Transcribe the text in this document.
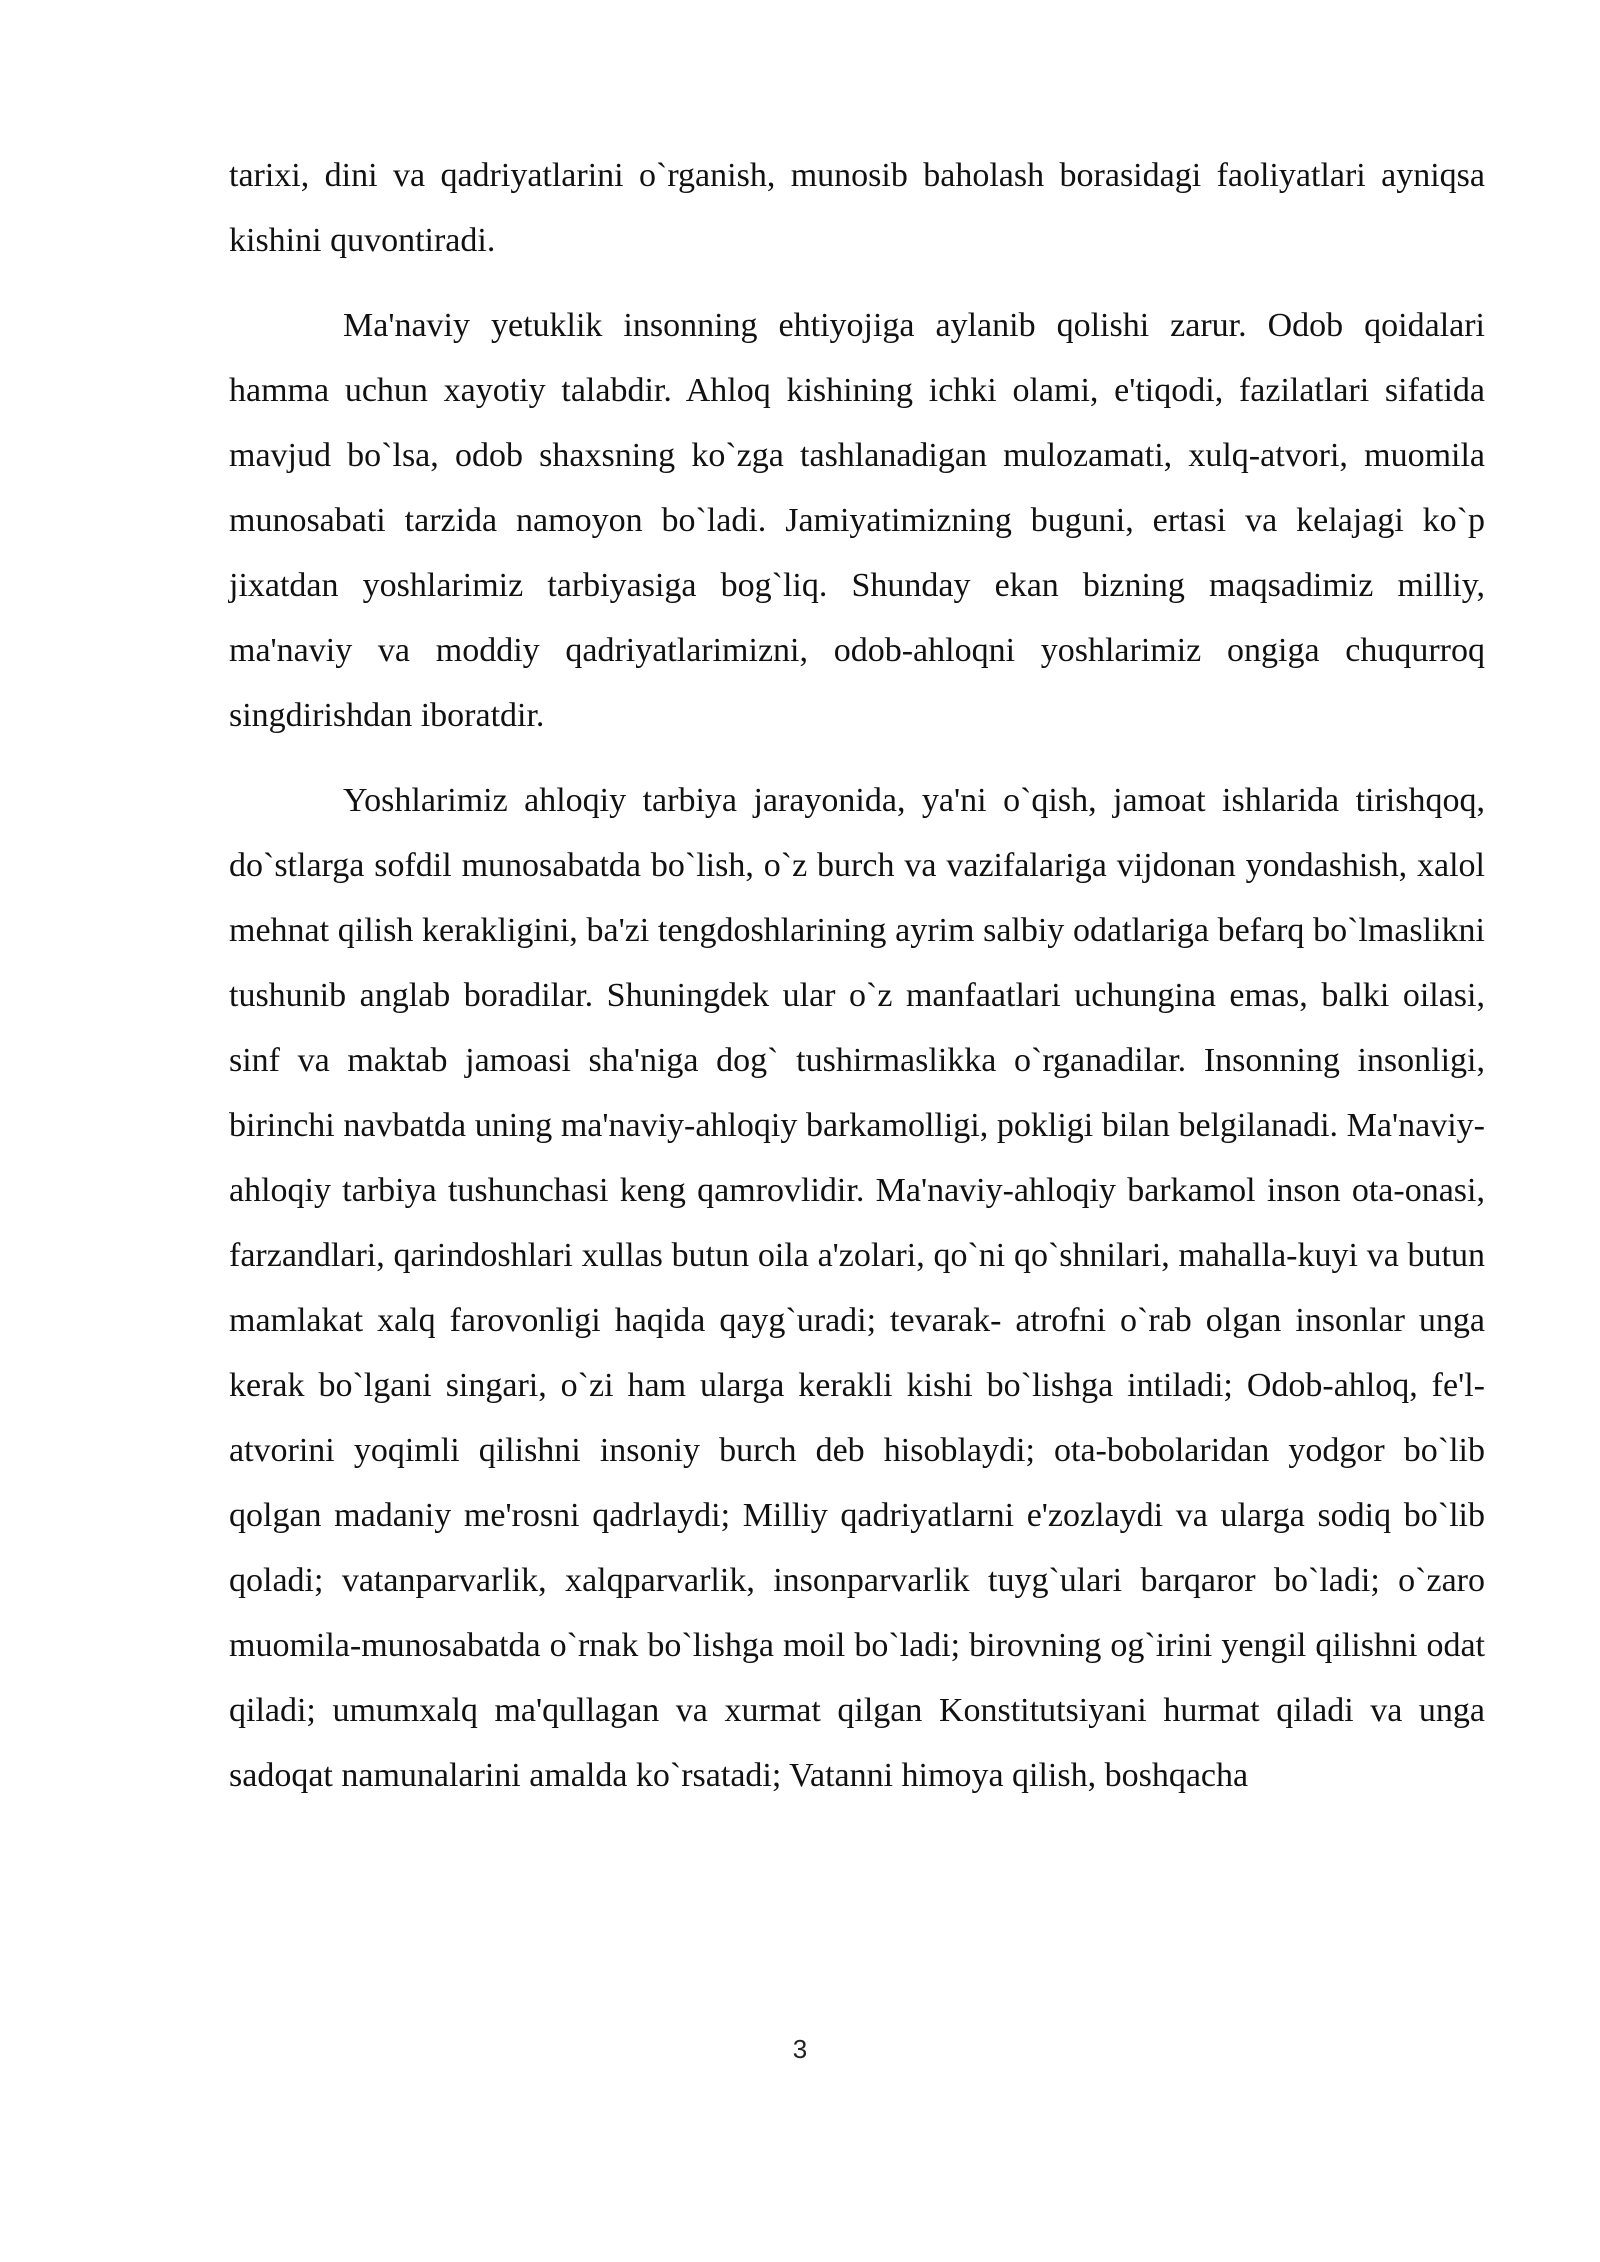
tarixi, dini va qadriyatlarini o`rganish, munosib baholash borasidagi faoliyatlari ayniqsa kishini quvontiradi.

Ma'naviy yetuklik insonning ehtiyojiga aylanib qolishi zarur. Odob qoidalari hamma uchun xayotiy talabdir. Ahloq kishining ichki olami, e'tiqodi, fazilatlari sifatida mavjud bo`lsa, odob shaxsning ko`zga tashlanadigan mulozamati, xulq-atvori, muomila munosabati tarzida namoyon bo`ladi. Jamiyatimizning buguni, ertasi va kelajagi ko`p jixatdan yoshlarimiz tarbiyasiga bog`liq. Shunday ekan bizning maqsadimiz milliy, ma'naviy va moddiy qadriyatlarimizni, odob-ahloqni yoshlarimiz ongiga chuqurroq singdirishdan iboratdir.

Yoshlarimiz ahloqiy tarbiya jarayonida, ya'ni o`qish, jamoat ishlarida tirishqoq, do`stlarga sofdil munosabatda bo`lish, o`z burch va vazifalariga vijdonan yondashish, xalol mehnat qilish kerakligini, ba'zi tengdoshlarining ayrim salbiy odatlariga befarq bo`lmaslikni tushunib anglab boradilar. Shuningdek ular o`z manfaatlari uchungina emas, balki oilasi, sinf va maktab jamoasi sha'niga dog` tushirmaslikka o`rganadilar. Insonning insonligi, birinchi navbatda uning ma'naviy-ahloqiy barkamolligi, pokligi bilan belgilanadi. Ma'naviy-ahloqiy tarbiya tushunchasi keng qamrovlidir. Ma'naviy-ahloqiy barkamol inson ota-onasi, farzandlari, qarindoshlari xullas butun oila a'zolari, qo`ni qo`shnilari, mahalla-kuyi va butun mamlakat xalq farovonligi haqida qayg`uradi; tevarak- atrofni o`rab olgan insonlar unga kerak bo`lgani singari, o`zi ham ularga kerakli kishi bo`lishga intiladi; Odob-ahloq, fe'l-atvorini yoqimli qilishni insoniy burch deb hisoblaydi; ota-bobolaridan yodgor bo`lib qolgan madaniy me'rosni qadrlaydi; Milliy qadriyatlarni e'zozlaydi va ularga sodiq bo`lib qoladi; vatanparvarlik, xalqparvarlik, insonparvarlik tuyg`ulari barqaror bo`ladi; o`zaro muomila-munosabatda o`rnak bo`lishga moil bo`ladi; birovning og`irini yengil qilishni odat qiladi; umumxalq ma'qullagan va xurmat qilgan Konstitutsiyani hurmat qiladi va unga sadoqat namunalarini amalda ko`rsatadi; Vatanni himoya qilish, boshqacha

3
